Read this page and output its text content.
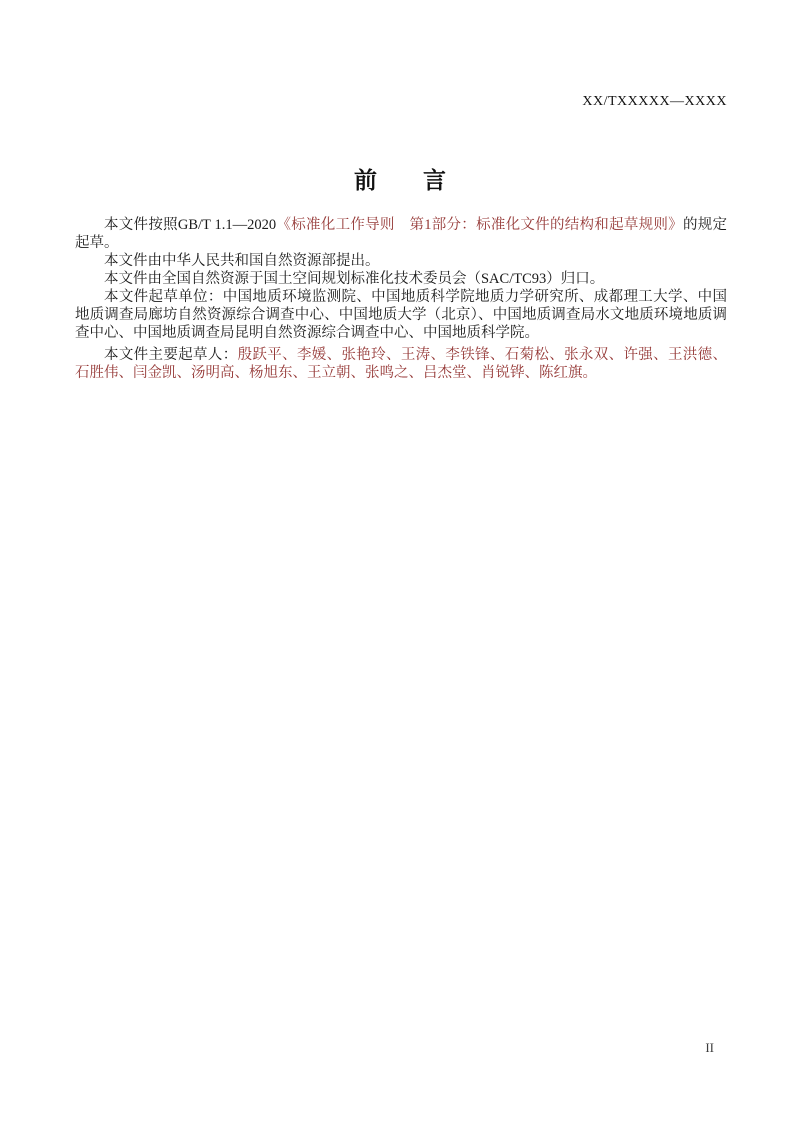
XX/TXXXXX—XXXX
前　　言

本文件按照GB/T 1.1—2020《标准化工作导则　第1部分：标准化文件的结构和起草规则》的规定起草。

本文件由中华人民共和国自然资源部提出。

本文件由全国自然资源于国土空间规划标准化技术委员会（SAC/TC93）归口。

本文件起草单位：中国地质环境监测院、中国地质科学院地质力学研究所、成都理工大学、中国地质调查局廊坊自然资源综合调查中心、中国地质大学（北京）、中国地质调查局水文地质环境地质调查中心、中国地质调查局昆明自然资源综合调查中心、中国地质科学院。

本文件主要起草人：殷跃平、李媛、张艳玲、王涛、李铁锋、石菊松、张永双、许强、王洪德、石胜伟、闫金凯、汤明高、杨旭东、王立朝、张鸣之、吕杰堂、肖锐铧、陈红旗。

II
